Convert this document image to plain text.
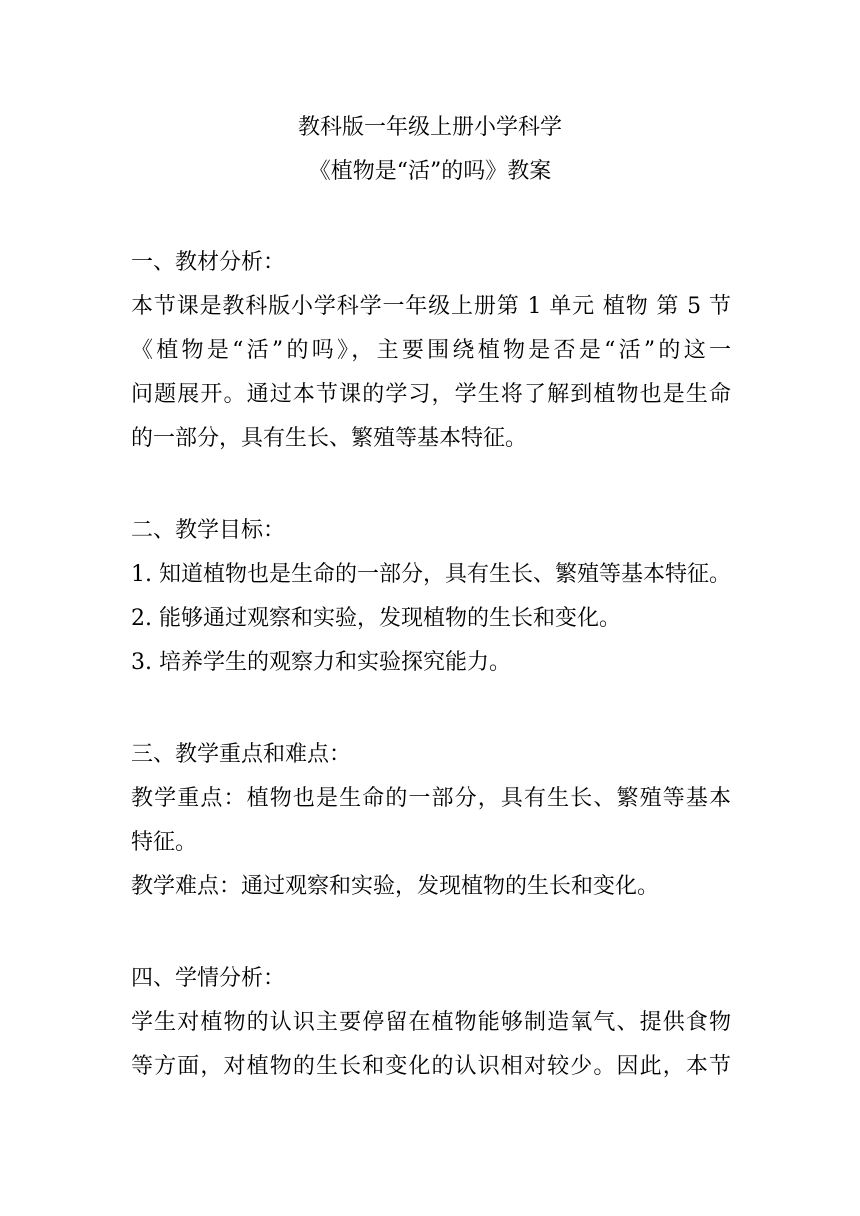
教科版一年级上册小学科学
《植物是“活”的吗》教案
一、教材分析：
本节课是教科版小学科学一年级上册第 1 单元 植物 第 5 节
《植物是“活”的吗》，主要围绕植物是否是“活”的这一
问题展开。通过本节课的学习，学生将了解到植物也是生命
的一部分，具有生长、繁殖等基本特征。
二、教学目标：
1. 知道植物也是生命的一部分，具有生长、繁殖等基本特征。
2. 能够通过观察和实验，发现植物的生长和变化。
3. 培养学生的观察力和实验探究能力。
三、教学重点和难点：
教学重点：植物也是生命的一部分，具有生长、繁殖等基本
特征。
教学难点：通过观察和实验，发现植物的生长和变化。
四、学情分析：
学生对植物的认识主要停留在植物能够制造氧气、提供食物
等方面，对植物的生长和变化的认识相对较少。因此，本节
